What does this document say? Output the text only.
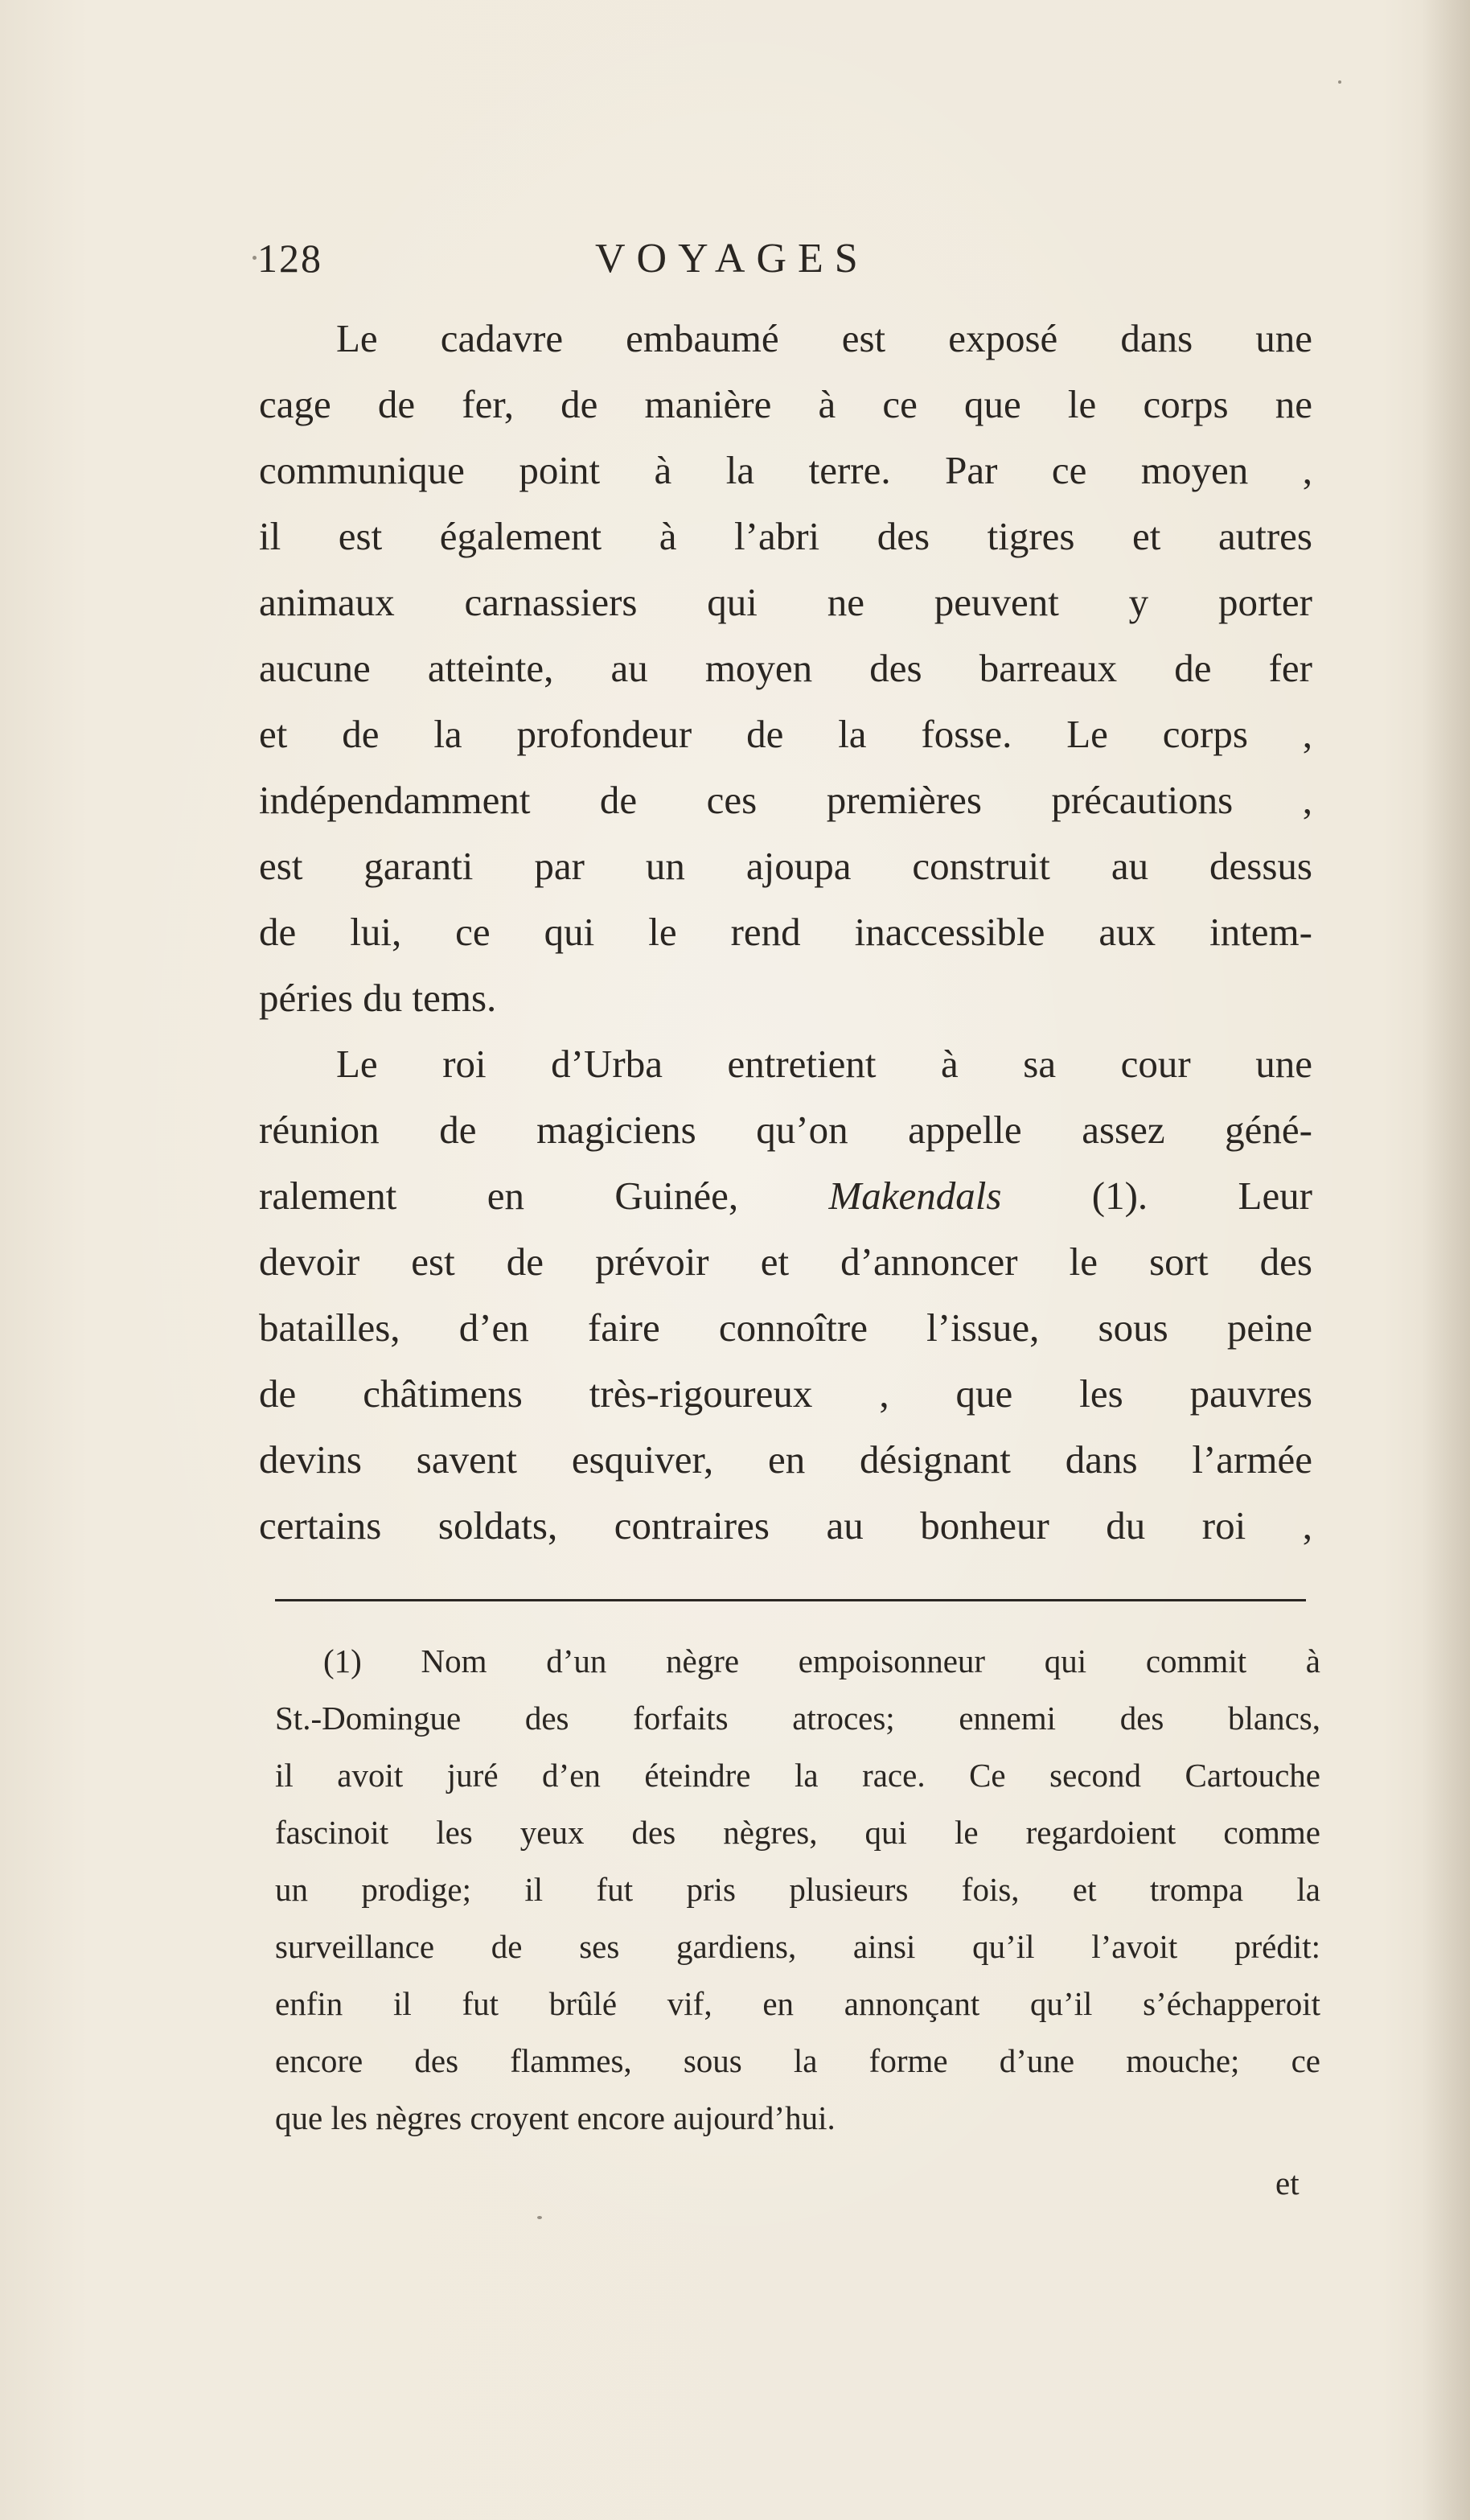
128	VOYAGES
Le cadavre embaumé est exposé dans une
cage de fer, de manière à ce que le corps ne
communique point à la terre. Par ce moyen ,
il est également à l’abri des tigres et autres
animaux carnassiers qui ne peuvent y porter
aucune atteinte, au moyen des barreaux de fer
et de la profondeur de la fosse. Le corps ,
indépendamment de ces premières précautions ,
est garanti par un ajoupa construit au dessus
de lui, ce qui le rend inaccessible aux intem-
péries du tems.
Le roi d’Urba entretient à sa cour une
réunion de magiciens qu’on appelle assez géné-
ralement en Guinée, Makendals (1). Leur
devoir est de prévoir et d’annoncer le sort des
batailles, d’en faire connoître l’issue, sous peine
de châtimens très-rigoureux , que les pauvres
devins savent esquiver, en désignant dans l’armée
certains soldats, contraires au bonheur du roi ,
(1) Nom d’un nègre empoisonneur qui commit à
St.-Domingue des forfaits atroces; ennemi des blancs,
il avoit juré d’en éteindre la race. Ce second Cartouche
fascinoit les yeux des nègres, qui le regardoient comme
un prodige; il fut pris plusieurs fois, et trompa la
surveillance de ses gardiens, ainsi qu’il l’avoit prédit:
enfin il fut brûlé vif, en annonçant qu’il s’échapperoit
encore des flammes, sous la forme d’une mouche; ce
que les nègres croyent encore aujourd’hui.
et
